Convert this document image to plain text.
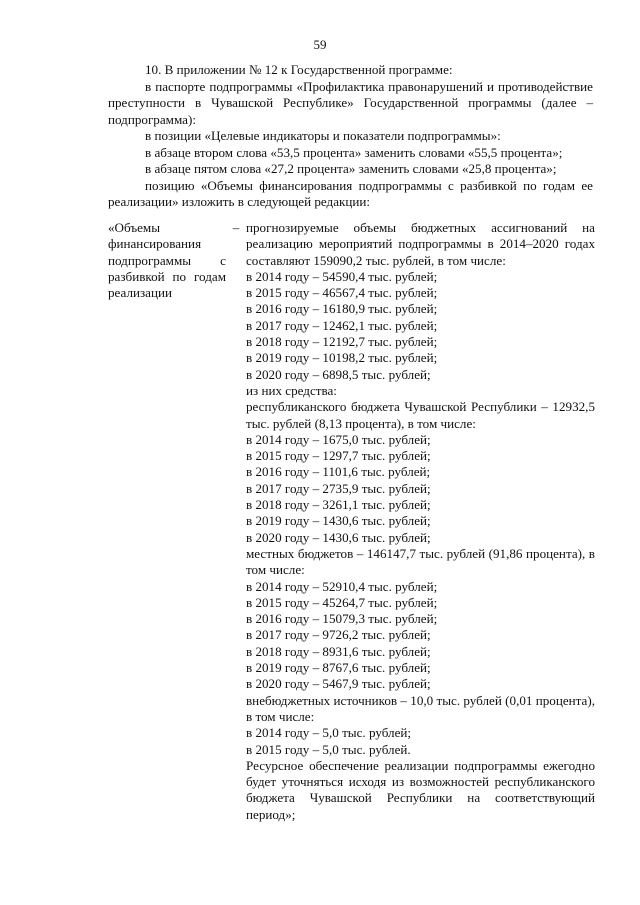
59

10. В приложении № 12 к Государственной программе:

в паспорте подпрограммы «Профилактика правонарушений и противодействие преступности в Чувашской Республике» Государственной программы (далее – подпрограмма):

в позиции «Целевые индикаторы и показатели подпрограммы»:

в абзаце втором слова «53,5 процента» заменить словами «55,5 процента»;

в абзаце пятом слова «27,2 процента» заменить словами «25,8 процента»;

позицию «Объемы финансирования подпрограммы с разбивкой по годам ее реализации» изложить в следующей редакции:

«Объемы финансирования подпрограммы с разбивкой по годам реализации
– прогнозируемые объемы бюджетных ассигнований на реализацию мероприятий подпрограммы в 2014–2020 годах составляют 159090,2 тыс. рублей, в том числе:
в 2014 году – 54590,4 тыс. рублей;
в 2015 году – 46567,4 тыс. рублей;
в 2016 году – 16180,9 тыс. рублей;
в 2017 году – 12462,1 тыс. рублей;
в 2018 году – 12192,7 тыс. рублей;
в 2019 году – 10198,2 тыс. рублей;
в 2020 году – 6898,5 тыс. рублей;
из них средства:
республиканского бюджета Чувашской Республики – 12932,5 тыс. рублей (8,13 процента), в том числе:
в 2014 году – 1675,0 тыс. рублей;
в 2015 году – 1297,7 тыс. рублей;
в 2016 году – 1101,6 тыс. рублей;
в 2017 году – 2735,9 тыс. рублей;
в 2018 году – 3261,1 тыс. рублей;
в 2019 году – 1430,6 тыс. рублей;
в 2020 году – 1430,6 тыс. рублей;
местных бюджетов – 146147,7 тыс. рублей (91,86 процента), в том числе:
в 2014 году – 52910,4 тыс. рублей;
в 2015 году – 45264,7 тыс. рублей;
в 2016 году – 15079,3 тыс. рублей;
в 2017 году – 9726,2 тыс. рублей;
в 2018 году – 8931,6 тыс. рублей;
в 2019 году – 8767,6 тыс. рублей;
в 2020 году – 5467,9 тыс. рублей;
внебюджетных источников – 10,0 тыс. рублей (0,01 процента), в том числе:
в 2014 году – 5,0 тыс. рублей;
в 2015 году – 5,0 тыс. рублей.
Ресурсное обеспечение реализации подпрограммы ежегодно будет уточняться исходя из возможностей республиканского бюджета Чувашской Республики на соответствующий период»;
